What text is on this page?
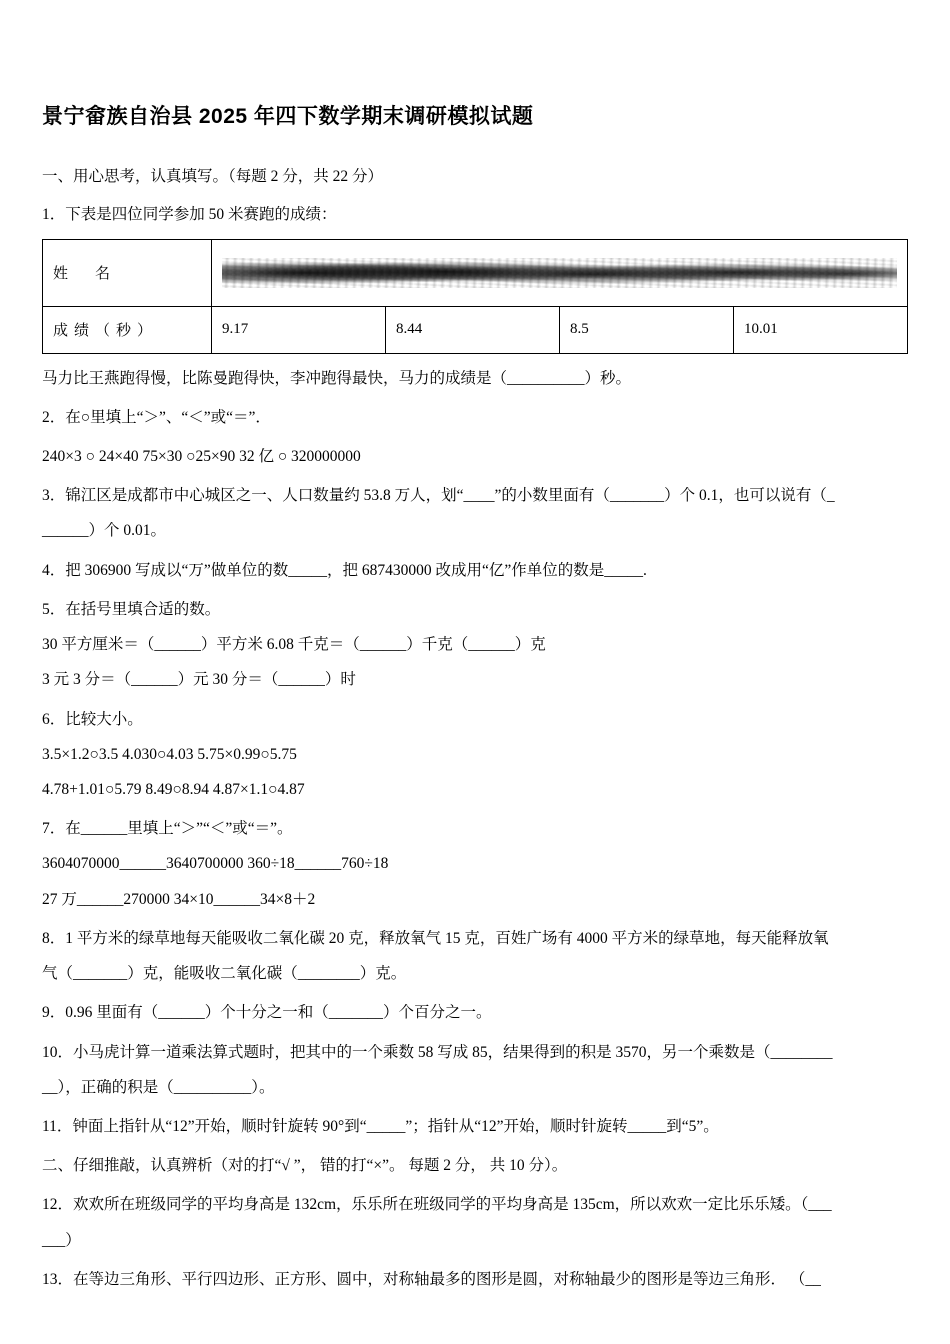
景宁畲族自治县 2025 年四下数学期末调研模拟试题

一、用心思考，认真填写。（每题 2 分，共 22 分）

1．下表是四位同学参加 50 米赛跑的成绩：

姓　名				

成绩（秒）	9.17	8.44	8.5	10.01

马力比王燕跑得慢，比陈曼跑得快，李冲跑得最快，马力的成绩是（__________）秒。

2．在○里填上“＞”、“＜”或“＝”．

240×3 ○ 24×40 75×30 ○25×90 32 亿 ○ 320000000

3．锦江区是成都市中心城区之一、人口数量约 53.8 万人，划“____”的小数里面有（_______）个 0.1，也可以说有（_

______）个 0.01。

4．把 306900 写成以“万”做单位的数_____，把 687430000 改成用“亿”作单位的数是_____.

5．在括号里填合适的数。

30 平方厘米＝（______）平方米 6.08 千克＝（______）千克（______）克

3 元 3 分＝（______）元 30 分＝（______）时

6．比较大小。

3.5×1.2○3.5 4.030○4.03 5.75×0.99○5.75

4.78+1.01○5.79 8.49○8.94 4.87×1.1○4.87

7．在______里填上“＞”“＜”或“＝”。

3604070000______3640700000 360÷18______760÷18

27 万______270000 34×10______34×8＋2

8．1 平方米的绿草地每天能吸收二氧化碳 20 克，释放氧气 15 克，百姓广场有 4000 平方米的绿草地，每天能释放氧

气（_______）克，能吸收二氧化碳（________）克。

9．0.96 里面有（______）个十分之一和（_______）个百分之一。

10．小马虎计算一道乘法算式题时，把其中的一个乘数 58 写成 85，结果得到的积是 3570，另一个乘数是（________

__），正确的积是（__________）。

11．钟面上指针从“12”开始，顺时针旋转 90°到“_____”；指针从“12”开始，顺时针旋转_____到“5”。

二、仔细推敲，认真辨析（对的打“√ ”， 错的打“×”。 每题 2 分， 共 10 分）。

12．欢欢所在班级同学的平均身高是 132cm，乐乐所在班级同学的平均身高是 135cm，所以欢欢一定比乐乐矮。（___

___）

13．在等边三角形、平行四边形、正方形、圆中，对称轴最多的图形是圆，对称轴最少的图形是等边三角形． （__
